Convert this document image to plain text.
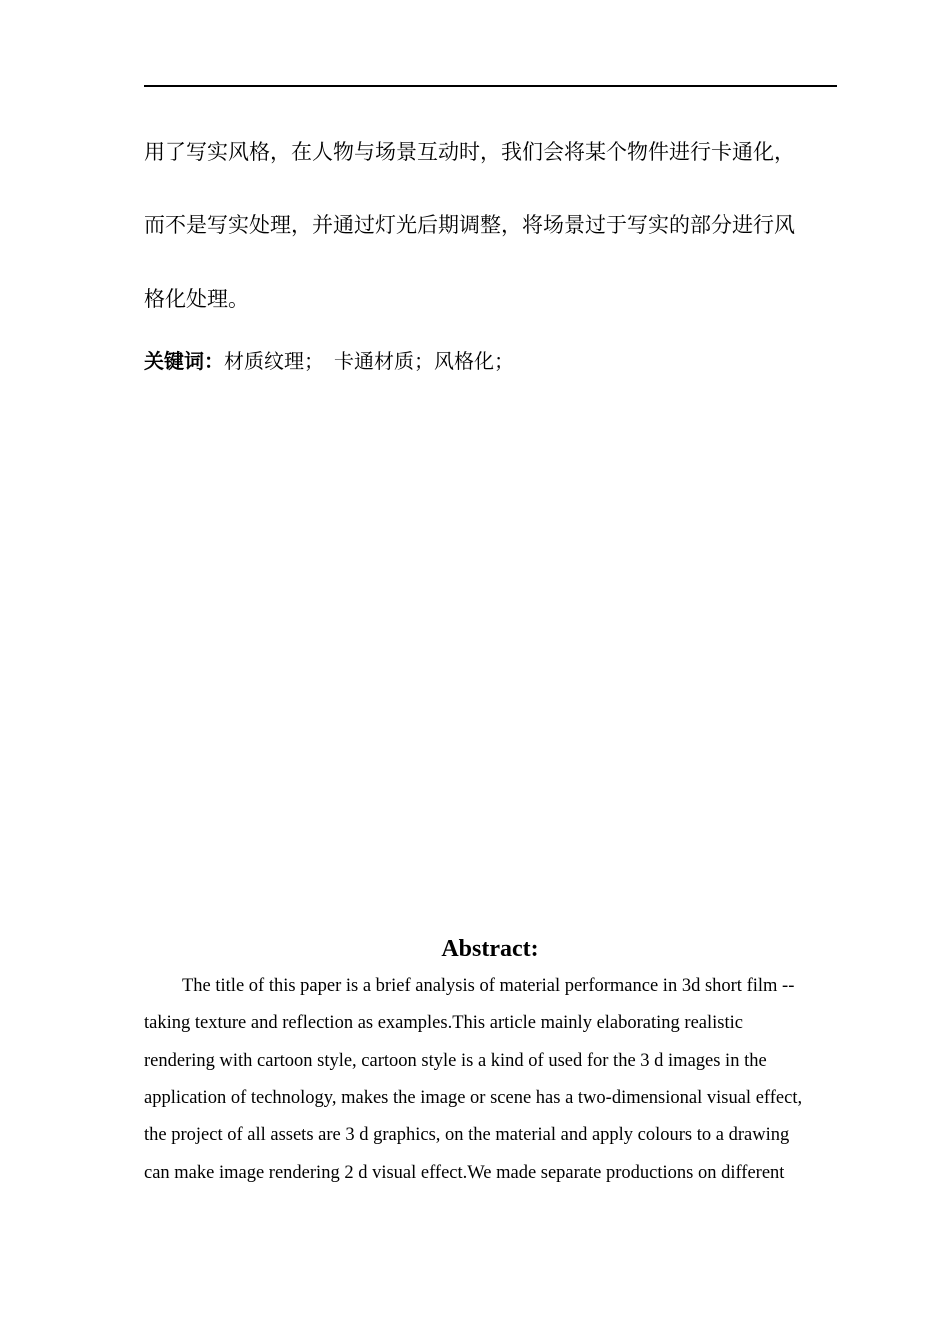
用了写实风格，在人物与场景互动时，我们会将某个物件进行卡通化，
而不是写实处理，并通过灯光后期调整，将场景过于写实的部分进行风
格化处理。
关键词：材质纹理；　卡通材质；风格化；
Abstract:
The title of this paper is a brief analysis of material performance in 3d short film --
taking texture and reflection as examples.This article mainly elaborating realistic
rendering with cartoon style, cartoon style is a kind of used for the 3 d images in the
application of technology, makes the image or scene has a two-dimensional visual effect,
the project of all assets are 3 d graphics, on the material and apply colours to a drawing
can make image rendering 2 d visual effect.We made separate productions on different
